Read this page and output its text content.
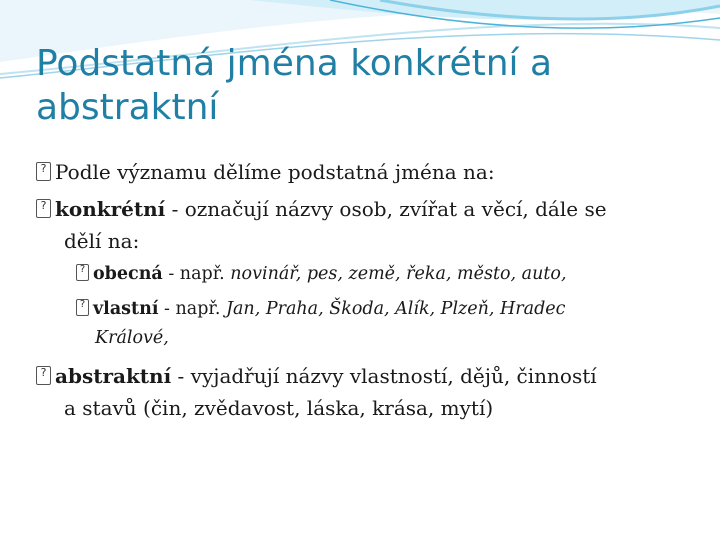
Podstatná jména konkrétní a abstraktní
?Podle významu dělíme podstatná jména na:
?konkrétní - označují názvy osob, zvířat a věcí, dále se
dělí na:
?obecná - např. novinář, pes, země, řeka, město, auto,
?vlastní - např. Jan, Praha, Škoda, Alík, Plzeň, Hradec
Králové,
?abstraktní - vyjadřují názvy vlastností, dějů, činností
a stavů (čin, zvědavost, láska, krása, mytí)
